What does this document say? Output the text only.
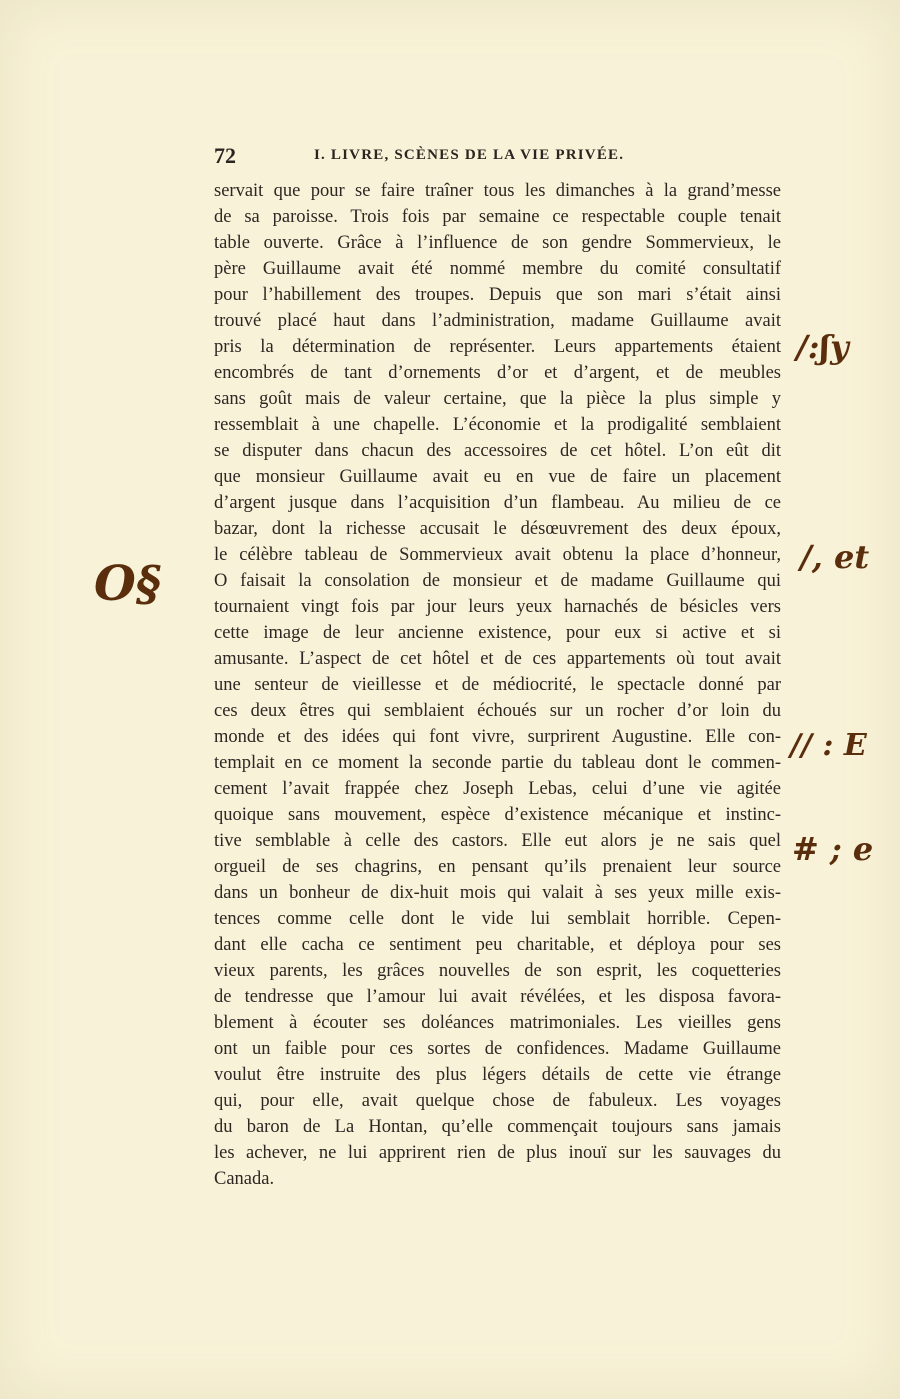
72	I. LIVRE, SCÈNES DE LA VIE PRIVÉE.
servait que pour se faire traîner tous les dimanches à la grand’messe
de sa paroisse. Trois fois par semaine ce respectable couple tenait
table ouverte. Grâce à l’influence de son gendre Sommervieux, le
père Guillaume avait été nommé membre du comité consultatif
pour l’habillement des troupes. Depuis que son mari s’était ainsi
trouvé placé haut dans l’administration, madame Guillaume avait
pris la détermination de représenter. Leurs appartements étaient
encombrés de tant d’ornements d’or et d’argent, et de meubles
sans goût mais de valeur certaine, que la pièce la plus simple y
ressemblait à une chapelle. L’économie et la prodigalité semblaient
se disputer dans chacun des accessoires de cet hôtel. L’on eût dit
que monsieur Guillaume avait eu en vue de faire un placement
d’argent jusque dans l’acquisition d’un flambeau. Au milieu de ce
bazar, dont la richesse accusait le désœuvrement des deux époux,
le célèbre tableau de Sommervieux avait obtenu la place d’honneur,
O faisait la consolation de monsieur et de madame Guillaume qui
tournaient vingt fois par jour leurs yeux harnachés de bésicles vers
cette image de leur ancienne existence, pour eux si active et si
amusante. L’aspect de cet hôtel et de ces appartements où tout avait
une senteur de vieillesse et de médiocrité, le spectacle donné par
ces deux êtres qui semblaient échoués sur un rocher d’or loin du
monde et des idées qui font vivre, surprirent Augustine. Elle con-
templait en ce moment la seconde partie du tableau dont le commen-
cement l’avait frappée chez Joseph Lebas, celui d’une vie agitée
quoique sans mouvement, espèce d’existence mécanique et instinc-
tive semblable à celle des castors. Elle eut alors je ne sais quel
orgueil de ses chagrins, en pensant qu’ils prenaient leur source
dans un bonheur de dix-huit mois qui valait à ses yeux mille exis-
tences comme celle dont le vide lui semblait horrible. Cepen-
dant elle cacha ce sentiment peu charitable, et déploya pour ses
vieux parents, les grâces nouvelles de son esprit, les coquetteries
de tendresse que l’amour lui avait révélées, et les disposa favora-
blement à écouter ses doléances matrimoniales. Les vieilles gens
ont un faible pour ces sortes de confidences. Madame Guillaume
voulut être instruite des plus légers détails de cette vie étrange
qui, pour elle, avait quelque chose de fabuleux. Les voyages
du baron de La Hontan, qu’elle commençait toujours sans jamais
les achever, ne lui apprirent rien de plus inouï sur les sauvages du
Canada.
/:ʃy
/, et
// : E
# ; e
O§
